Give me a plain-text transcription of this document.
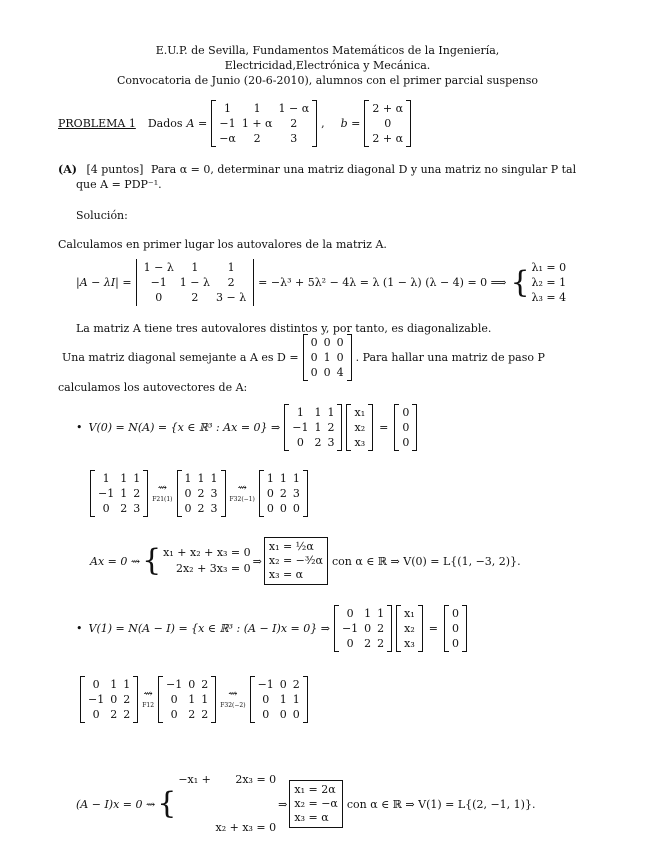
E.U.P. de Sevilla, Fundamentos Matemáticos de la Ingeniería,
Electricidad,Electrónica y Mecánica.
Convocatoria de Junio (20-6-2010), alumnos con el primer parcial suspenso
PROBLEMA 1 Dados A =
1	1	1 − α
−1	1 + α	2
−α	2	3
, b =
2 + α
0
2 + α
(A) [4 puntos] Para α = 0, determinar una matriz diagonal D y una matriz no singular P tal
que A = PDP⁻¹.
Solución:
Calculamos en primer lugar los autovalores de la matriz A.
|A − λI| =
1 − λ	1	1
−1	1 − λ	2
0	2	3 − λ
= −λ³ + 5λ² − 4λ = λ (1 − λ) (λ − 4) = 0 ⟹ { λ₁ = 0
λ₂ = 1
λ₃ = 4
La matriz A tiene tres autovalores distintos y, por tanto, es diagonalizable.
Una matriz diagonal semejante a A es D =
0	0	0
0	1	0
0	0	4
. Para hallar una matriz de paso P
calculamos los autovectores de A:
• V(0) = N(A) = {x ∈ ℝ³ : Ax = 0} ⇒
1	1	1
−1	1	2
0	2	3
x₁
x₂
x₃
=
0
0
0
1	1	1
−1	1	2
0	2	3
⇝
F21(1)
1	1	1
0	2	3
0	2	3
⇝
F32(−1)
1	1	1
0	2	3
0	0	0
Ax = 0 ⇝ { x₁ + x₂ + x₃ = 0
2x₂ + 3x₃ = 0
⇒
x₁ = ½α
x₂ = −³⁄₂α
x₃ = α
con α ∈ ℝ ⇒ V(0) = L{(1, −3, 2)}.
• V(1) = N(A − I) = {x ∈ ℝ³ : (A − I)x = 0} ⇒
0	1	1
−1	0	2
0	2	2
x₁
x₂
x₃
=
0
0
0
0	1	1
−1	0	2
0	2	2
⇝
F12
−1	0	2
0	1	1
0	2	2
⇝
F32(−2)
−1	0	2
0	1	1
0	0	0
(A − I)x = 0 ⇝ {

−x₁ +       2x₃ = 0

x₂ + x₃ = 0

⇒
x₁ = 2α
x₂ = −α
x₃ = α
con α ∈ ℝ ⇒ V(1) = L{(2, −1, 1)}.
